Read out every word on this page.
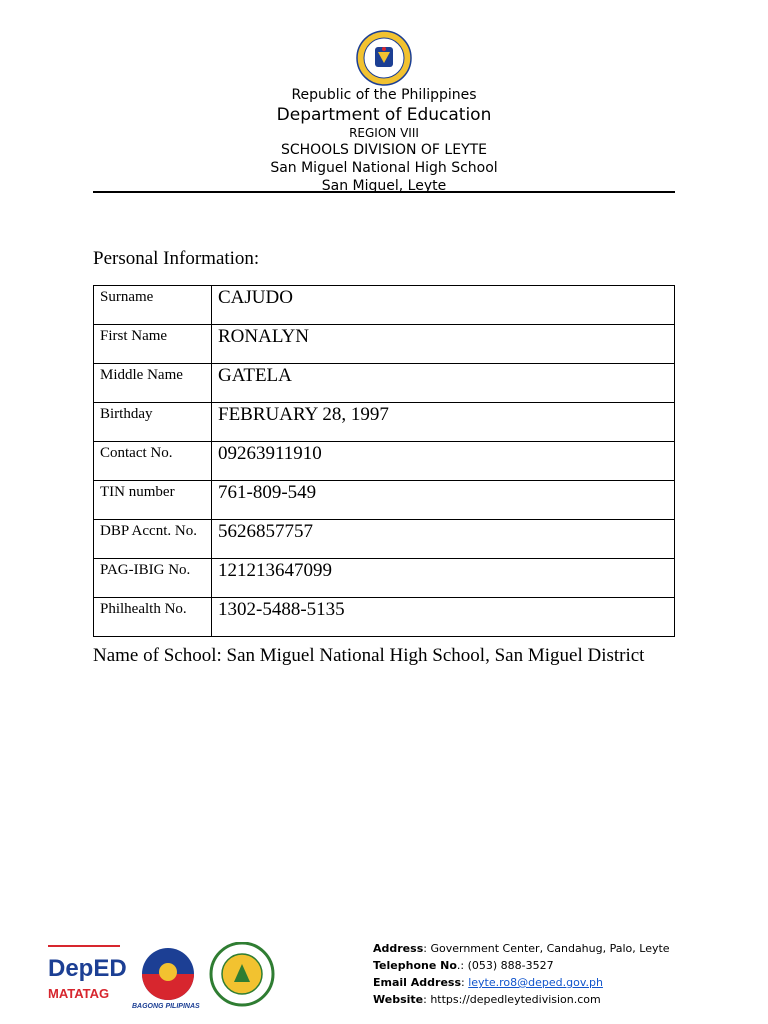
Republic of the Philippines
Department of Education
REGION VIII
SCHOOLS DIVISION OF LEYTE
San Miguel National High School
San Miguel, Leyte
Personal Information:
Surname	CAJUDO
First Name	RONALYN
Middle Name	GATELA
Birthday	FEBRUARY 28, 1997
Contact No.	09263911910
TIN number	761-809-549
DBP Accnt. No.	5626857757
PAG-IBIG No.	121213647099
Philhealth No.	1302-5488-5135
Name of School: San Miguel National High School, San Miguel District
DepED
MATATAG
BAGONG PILIPINAS
Address: Government Center, Candahug, Palo, Leyte
Telephone No.: (053) 888-3527
Email Address: leyte.ro8@deped.gov.ph
Website: https://depedleytedivision.com
